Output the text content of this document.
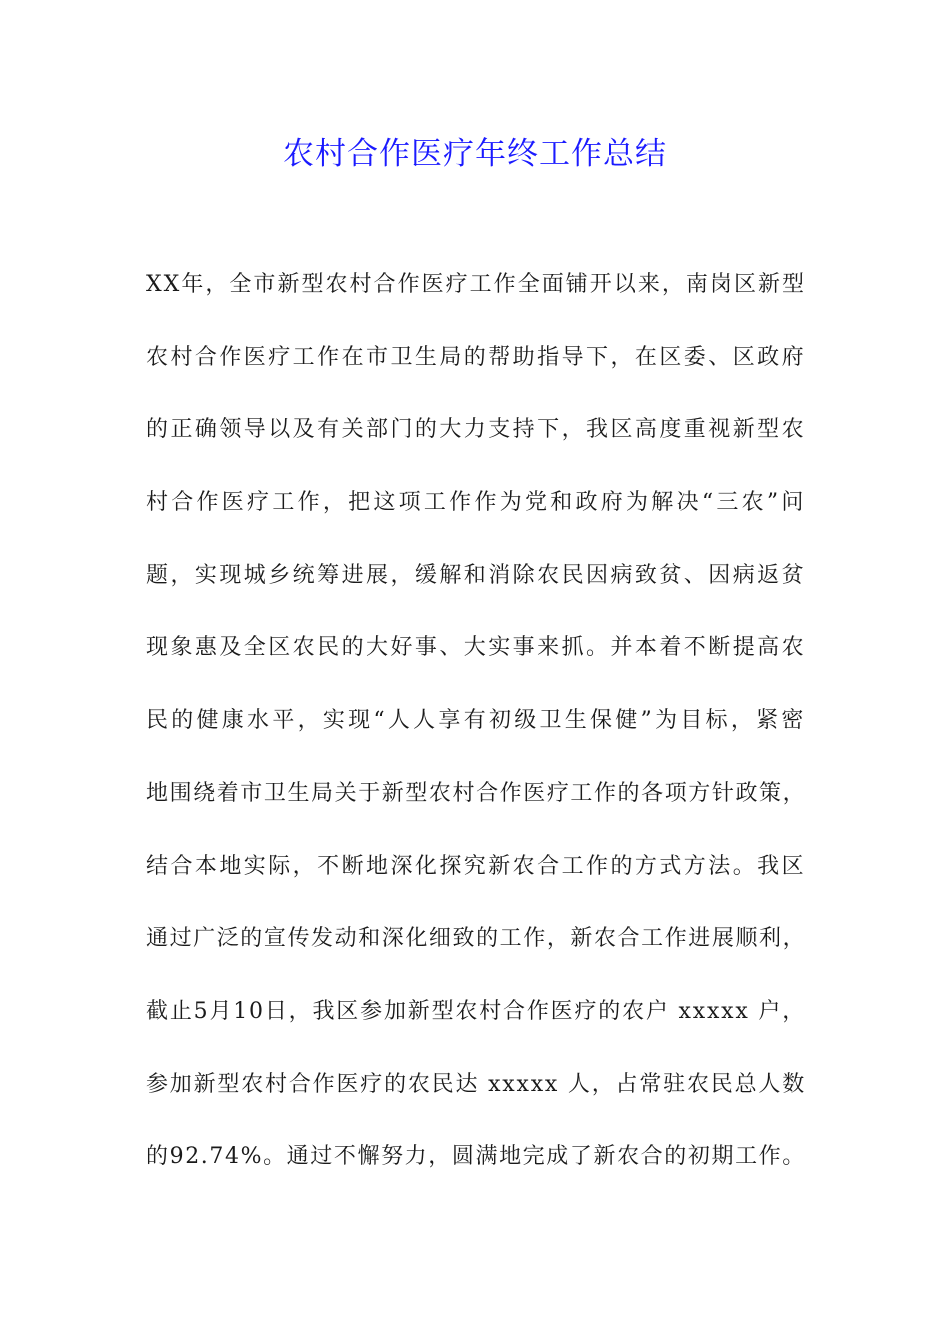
农村合作医疗年终工作总结
XX年，全市新型农村合作医疗工作全面铺开以来，南岗区新型
农村合作医疗工作在市卫生局的帮助指导下，在区委、区政府
的正确领导以及有关部门的大力支持下，我区高度重视新型农
村合作医疗工作，把这项工作作为党和政府为解决“三农”问
题，实现城乡统筹进展，缓解和消除农民因病致贫、因病返贫
现象惠及全区农民的大好事、大实事来抓。并本着不断提高农
民的健康水平，实现“人人享有初级卫生保健”为目标，紧密
地围绕着市卫生局关于新型农村合作医疗工作的各项方针政策，
结合本地实际，不断地深化探究新农合工作的方式方法。我区
通过广泛的宣传发动和深化细致的工作，新农合工作进展顺利，
截止5月10日，我区参加新型农村合作医疗的农户 xxxxx 户，
参加新型农村合作医疗的农民达 xxxxx 人，占常驻农民总人数
的92.74%。通过不懈努力，圆满地完成了新农合的初期工作。
